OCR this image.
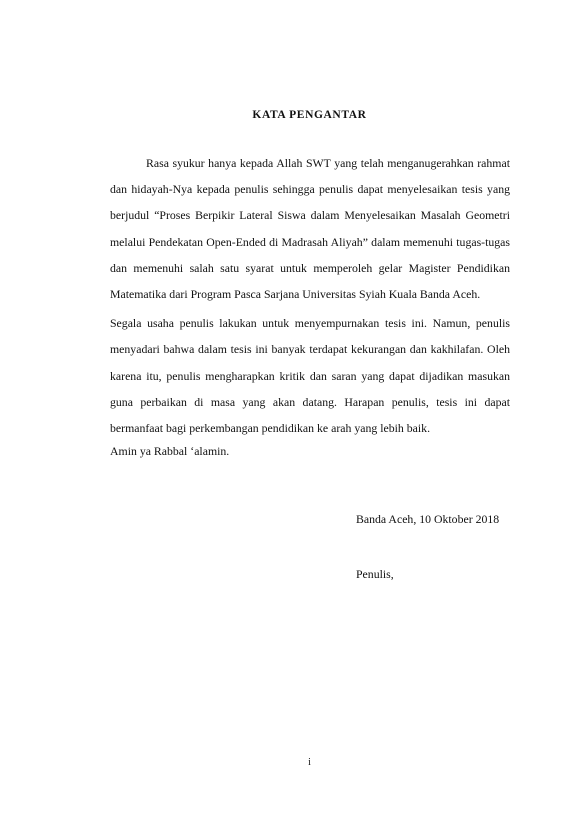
KATA PENGANTAR

Rasa syukur hanya kepada Allah SWT yang telah menganugerahkan rahmat dan hidayah-Nya kepada penulis sehingga penulis dapat menyelesaikan tesis yang berjudul “Proses Berpikir Lateral Siswa dalam Menyelesaikan Masalah Geometri melalui Pendekatan Open-Ended di Madrasah Aliyah” dalam memenuhi tugas-tugas dan memenuhi salah satu syarat untuk memperoleh gelar Magister Pendidikan Matematika dari Program Pasca Sarjana Universitas Syiah Kuala Banda Aceh.

Segala usaha penulis lakukan untuk menyempurnakan tesis ini. Namun, penulis menyadari bahwa dalam tesis ini banyak terdapat kekurangan dan kakhilafan. Oleh karena itu, penulis mengharapkan kritik dan saran yang dapat dijadikan masukan guna perbaikan di masa yang akan datang. Harapan penulis, tesis ini dapat bermanfaat bagi perkembangan pendidikan ke arah yang lebih baik.

Amin ya Rabbal ‘alamin.

Banda Aceh, 10 Oktober 2018
Penulis,
i
